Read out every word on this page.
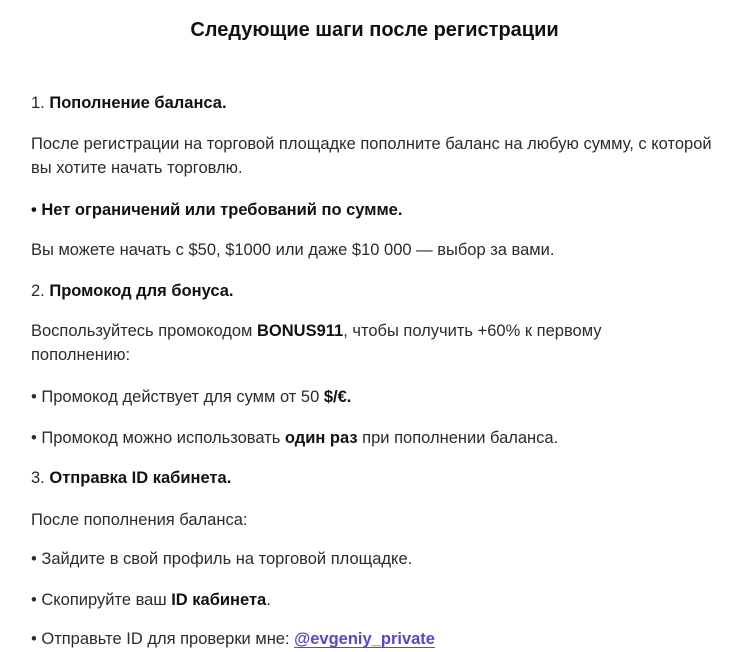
Следующие шаги после регистрации

1. Пополнение баланса.

После регистрации на торговой площадке пополните баланс на любую сумму, с которой вы хотите начать торговлю.

• Нет ограничений или требований по сумме.

Вы можете начать с $50, $1000 или даже $10 000 — выбор за вами.

2. Промокод для бонуса.

Воспользуйтесь промокодом BONUS911, чтобы получить +60% к первому пополнению:

• Промокод действует для сумм от 50 $/€.

• Промокод можно использовать один раз при пополнении баланса.

3. Отправка ID кабинета.

После пополнения баланса:

• Зайдите в свой профиль на торговой площадке.

• Скопируйте ваш ID кабинета.

• Отправьте ID для проверки мне: @evgeniy_private
